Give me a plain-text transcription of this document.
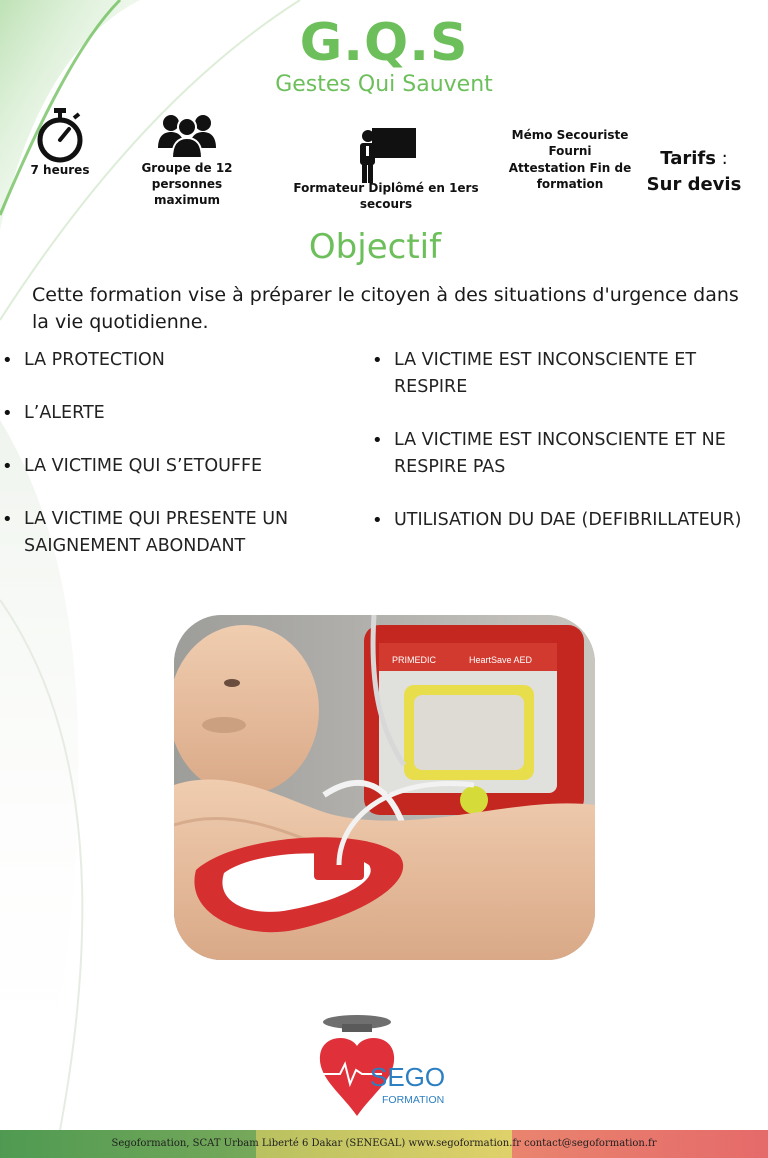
G.Q.S
Gestes Qui Sauvent
7 heures	Groupe de 12 personnes maximum
Formateur Diplômé en 1ers secours
Mémo Secouriste Fourni
Attestation Fin de formation
Tarifs :
Sur devis
Objectif
Cette formation vise à préparer le citoyen à des situations d'urgence dans la vie quotidienne.
• LA PROTECTION
• L’ALERTE
• LA VICTIME QUI S’ETOUFFE
• LA VICTIME QUI PRESENTE UN SAIGNEMENT ABONDANT
• LA VICTIME EST INCONSCIENTE ET RESPIRE
• LA VICTIME EST INCONSCIENTE ET NE RESPIRE PAS
• UTILISATION DU DAE (DEFIBRILLATEUR)
PRIMEDIC	HeartSave AED
SEGO
FORMATION
Segoformation, SCAT Urbam Liberté 6 Dakar (SENEGAL) www.segoformation.fr contact@segoformation.fr
